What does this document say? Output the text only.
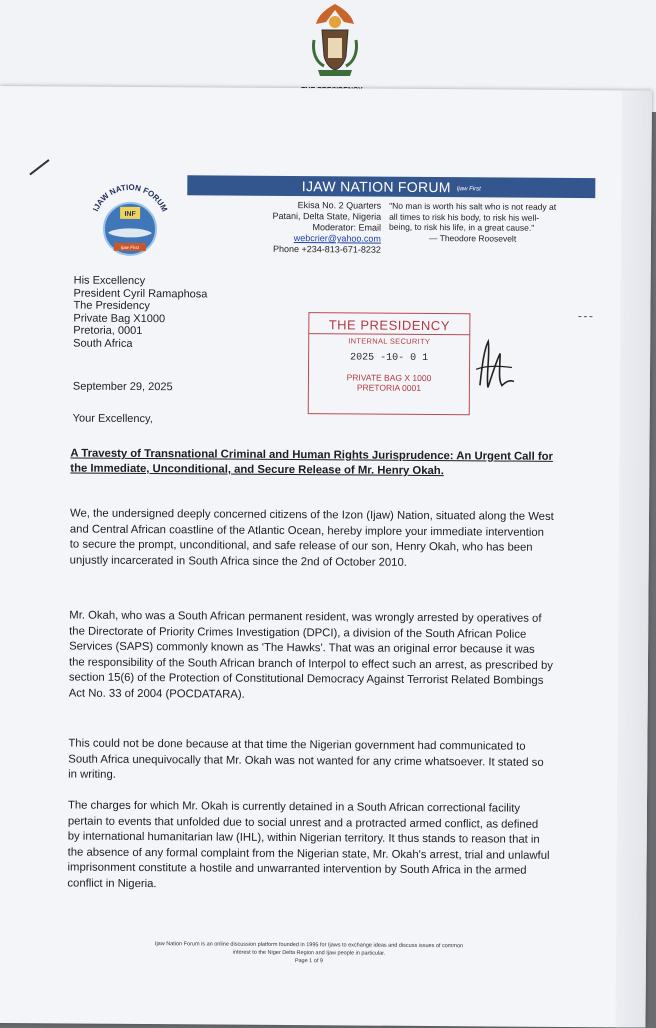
IJAW NATION FORUM
INF
Ijaw First
IJAW NATION FORUM Ijaw First
Ekisa No. 2 Quarters
Patani, Delta State, Nigeria
Moderator: Email
webcrier@yahoo.com
Phone +234-813-671-8232
"No man is worth his salt who is not ready at all times to risk his body, to risk his well-being, to risk his life, in a great cause."
— Theodore Roosevelt
His Excellency
President Cyril Ramaphosa
The Presidency
Private Bag X1000
Pretoria, 0001
South Africa
September 29, 2025
Your Excellency,
THE PRESIDENCY
INTERNAL SECURITY
2025 -10- 0 1
PRIVATE BAG X 1000
PRETORIA 0001
A Travesty of Transnational Criminal and Human Rights Jurisprudence: An Urgent Call for the Immediate, Unconditional, and Secure Release of Mr. Henry Okah.
We, the undersigned deeply concerned citizens of the Izon (Ijaw) Nation, situated along the West and Central African coastline of the Atlantic Ocean, hereby implore your immediate intervention to secure the prompt, unconditional, and safe release of our son, Henry Okah, who has been unjustly incarcerated in South Africa since the 2nd of October 2010.
Mr. Okah, who was a South African permanent resident, was wrongly arrested by operatives of the Directorate of Priority Crimes Investigation (DPCI), a division of the South African Police Services (SAPS) commonly known as 'The Hawks'. That was an original error because it was the responsibility of the South African branch of Interpol to effect such an arrest, as prescribed by section 15(6) of the Protection of Constitutional Democracy Against Terrorist Related Bombings Act No. 33 of 2004 (POCDATARA).
This could not be done because at that time the Nigerian government had communicated to South Africa unequivocally that Mr. Okah was not wanted for any crime whatsoever. It stated so in writing.
The charges for which Mr. Okah is currently detained in a South African correctional facility pertain to events that unfolded due to social unrest and a protracted armed conflict, as defined by international humanitarian law (IHL), within Nigerian territory. It thus stands to reason that in the absence of any formal complaint from the Nigerian state, Mr. Okah's arrest, trial and unlawful imprisonment constitute a hostile and unwarranted intervention by South Africa in the armed conflict in Nigeria.
Ijaw Nation Forum is an online discussion platform founded in 1995 for Ijaws to exchange ideas and discuss issues of common
interest to the Niger Delta Region and Ijaw people in particular.
Page 1 of 9
